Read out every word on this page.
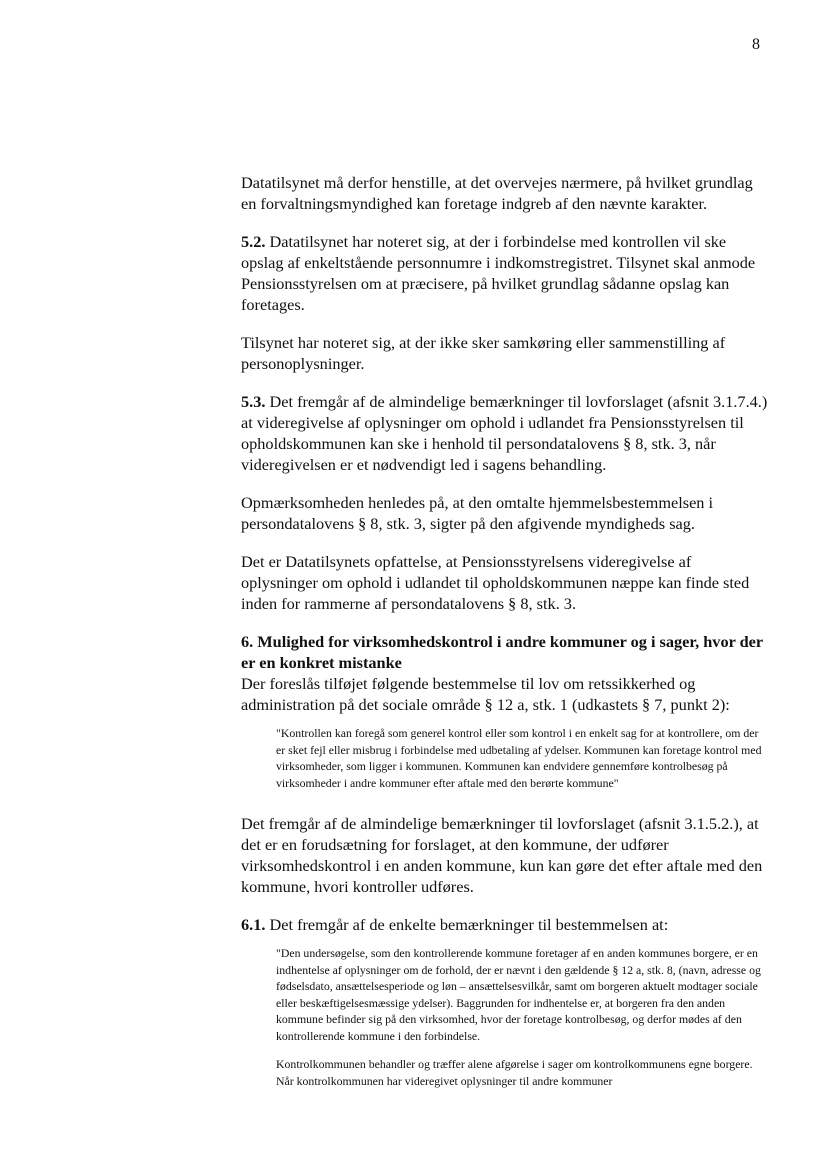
8

Datatilsynet må derfor henstille, at det overvejes nærmere, på hvilket grundlag en forvaltningsmyndighed kan foretage indgreb af den nævnte karakter.

5.2. Datatilsynet har noteret sig, at der i forbindelse med kontrollen vil ske opslag af enkeltstående personnumre i indkomstregistret. Tilsynet skal anmode Pensionsstyrelsen om at præcisere, på hvilket grundlag sådanne opslag kan foretages.

Tilsynet har noteret sig, at der ikke sker samkøring eller sammenstilling af personoplysninger.

5.3. Det fremgår af de almindelige bemærkninger til lovforslaget (afsnit 3.1.7.4.) at videregivelse af oplysninger om ophold i udlandet fra Pensionsstyrelsen til opholdskommunen kan ske i henhold til persondatalovens § 8, stk. 3, når videregivelsen er et nødvendigt led i sagens behandling.

Opmærksomheden henledes på, at den omtalte hjemmelsbestemmelsen i persondatalovens § 8, stk. 3, sigter på den afgivende myndigheds sag.

Det er Datatilsynets opfattelse, at Pensionsstyrelsens videregivelse af oplysninger om ophold i udlandet til opholdskommunen næppe kan finde sted inden for rammerne af persondatalovens § 8, stk. 3.

6. Mulighed for virksomhedskontrol i andre kommuner og i sager, hvor der er en konkret mistanke

Der foreslås tilføjet følgende bestemmelse til lov om retssikkerhed og administration på det sociale område § 12 a, stk. 1 (udkastets § 7, punkt 2):

"Kontrollen kan foregå som generel kontrol eller som kontrol i en enkelt sag for at kontrollere, om der er sket fejl eller misbrug i forbindelse med udbetaling af ydelser. Kommunen kan foretage kontrol med virksomheder, som ligger i kommunen. Kommunen kan endvidere gennemføre kontrolbesøg på virksomheder i andre kommuner efter aftale med den berørte kommune"

Det fremgår af de almindelige bemærkninger til lovforslaget (afsnit 3.1.5.2.), at det er en forudsætning for forslaget, at den kommune, der udfører virksomhedskontrol i en anden kommune, kun kan gøre det efter aftale med den kommune, hvori kontroller udføres.

6.1. Det fremgår af de enkelte bemærkninger til bestemmelsen at:

"Den undersøgelse, som den kontrollerende kommune foretager af en anden kommunes borgere, er en indhentelse af oplysninger om de forhold, der er nævnt i den gældende § 12 a, stk. 8, (navn, adresse og fødselsdato, ansættelsesperiode og løn – ansættelsesvilkår, samt om borgeren aktuelt modtager sociale eller beskæftigelsesmæssige ydelser). Baggrunden for indhentelse er, at borgeren fra den anden kommune befinder sig på den virksomhed, hvor der foretage kontrolbesøg, og derfor mødes af den kontrollerende kommune i den forbindelse.

Kontrolkommunen behandler og træffer alene afgørelse i sager om kontrolkommunens egne borgere. Når kontrolkommunen har videregivet oplysninger til andre kommuner
